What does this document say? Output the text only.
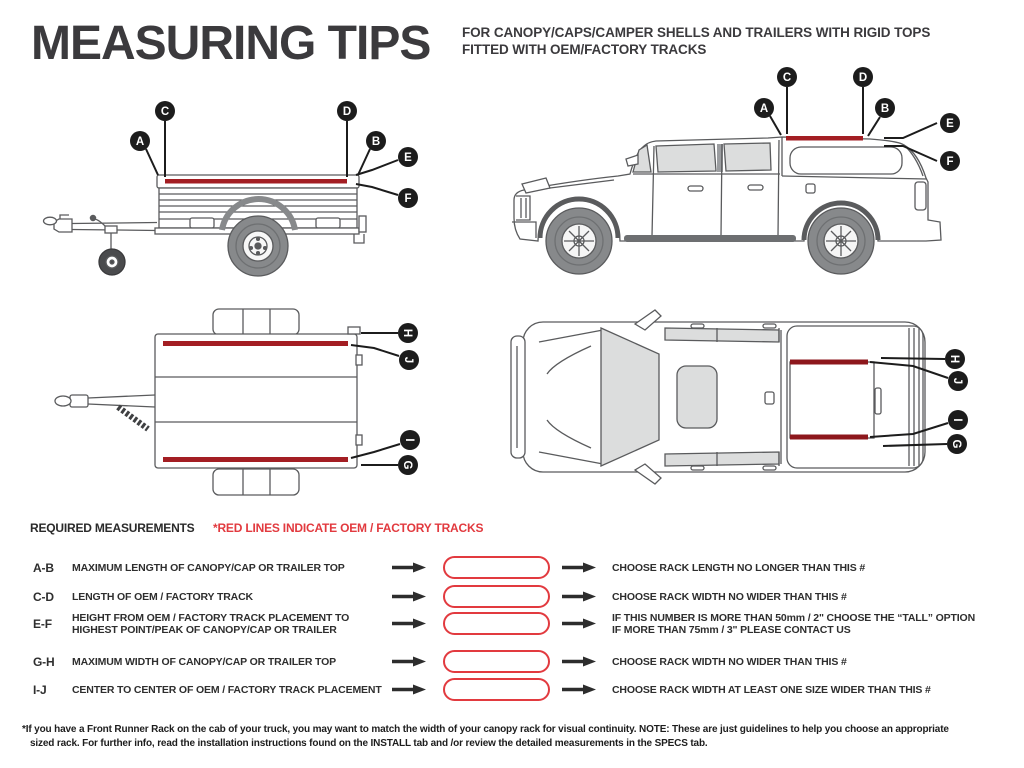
MEASURING TIPS FOR CANOPY/CAPS/CAMPER SHELLS AND TRAILERS WITH RIGID TOPS
FITTED WITH OEM/FACTORY TRACKS
C	D
A	B
E
F
C	D
A	B
E
F
H
J
I
G
H
J
I
G
REQUIRED MEASUREMENTS *RED LINES INDICATE OEM / FACTORY TRACKS
A-B	MAXIMUM LENGTH OF CANOPY/CAP OR TRAILER TOP	CHOOSE RACK LENGTH NO LONGER THAN THIS #
C-D	LENGTH OF OEM / FACTORY TRACK	CHOOSE RACK WIDTH NO WIDER THAN THIS #
E-F	HEIGHT FROM OEM / FACTORY TRACK PLACEMENT TO
HIGHEST POINT/PEAK OF CANOPY/CAP OR TRAILER
IF THIS NUMBER IS MORE THAN 50mm / 2" CHOOSE THE “TALL” OPTION
IF MORE THAN 75mm / 3" PLEASE CONTACT US
G-H	MAXIMUM WIDTH OF CANOPY/CAP OR TRAILER TOP	CHOOSE RACK WIDTH NO WIDER THAN THIS #
I-J	CENTER TO CENTER OF OEM / FACTORY TRACK PLACEMENT	CHOOSE RACK WIDTH AT LEAST ONE SIZE WIDER THAN THIS #
*If you have a Front Runner Rack on the cab of your truck, you may want to match the width of your canopy rack for visual continuity. NOTE: These are just guidelines to help you choose an appropriate
sized rack. For further info, read the installation instructions found on the INSTALL tab and /or review the detailed measurements in the SPECS tab.
